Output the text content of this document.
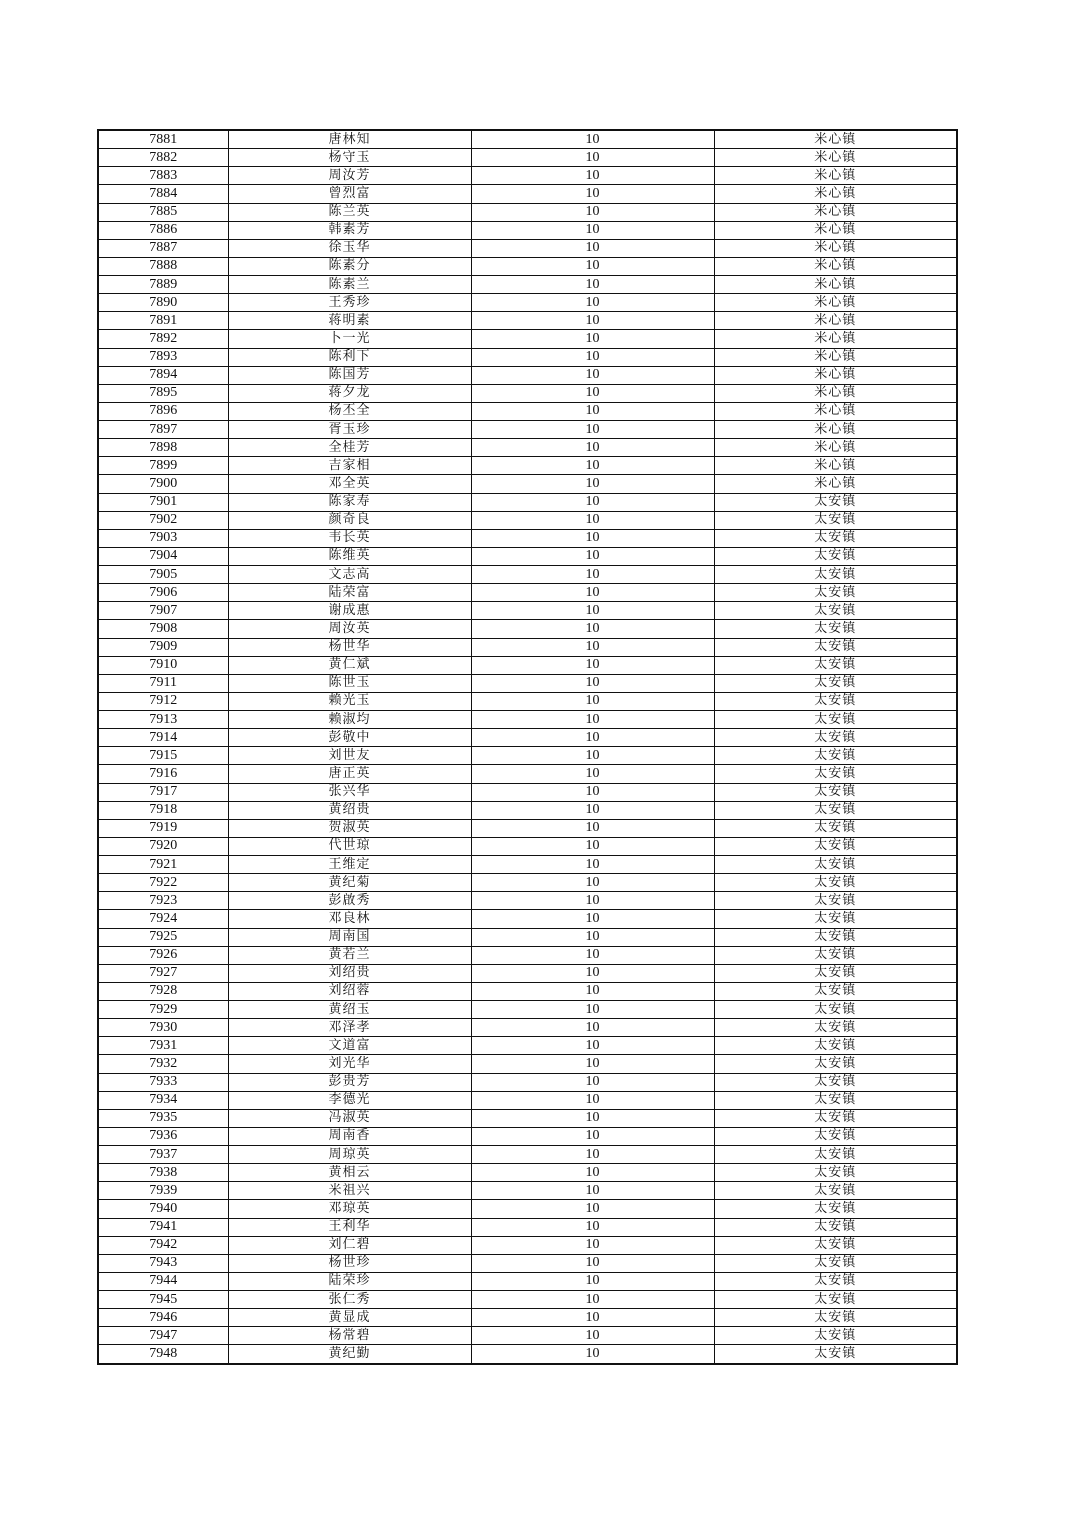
7881	唐林知	10	米心镇
7882	杨守玉	10	米心镇
7883	周汝芳	10	米心镇
7884	曾烈富	10	米心镇
7885	陈兰英	10	米心镇
7886	韩素芳	10	米心镇
7887	徐玉华	10	米心镇
7888	陈素分	10	米心镇
7889	陈素兰	10	米心镇
7890	王秀珍	10	米心镇
7891	蒋明素	10	米心镇
7892	卜一光	10	米心镇
7893	陈利下	10	米心镇
7894	陈国芳	10	米心镇
7895	蒋夕龙	10	米心镇
7896	杨丕全	10	米心镇
7897	胥玉珍	10	米心镇
7898	全桂芳	10	米心镇
7899	吉家相	10	米心镇
7900	邓全英	10	米心镇
7901	陈家寿	10	太安镇
7902	颜奇良	10	太安镇
7903	韦长英	10	太安镇
7904	陈维英	10	太安镇
7905	文志高	10	太安镇
7906	陆荣富	10	太安镇
7907	谢成惠	10	太安镇
7908	周汝英	10	太安镇
7909	杨世华	10	太安镇
7910	黄仁斌	10	太安镇
7911	陈世玉	10	太安镇
7912	赖光玉	10	太安镇
7913	赖淑均	10	太安镇
7914	彭敬中	10	太安镇
7915	刘世友	10	太安镇
7916	唐正英	10	太安镇
7917	张兴华	10	太安镇
7918	黄绍贵	10	太安镇
7919	贺淑英	10	太安镇
7920	代世琼	10	太安镇
7921	王维定	10	太安镇
7922	黄纪菊	10	太安镇
7923	彭啟秀	10	太安镇
7924	邓良林	10	太安镇
7925	周南国	10	太安镇
7926	黄若兰	10	太安镇
7927	刘绍贵	10	太安镇
7928	刘绍蓉	10	太安镇
7929	黄绍玉	10	太安镇
7930	邓泽孝	10	太安镇
7931	文道富	10	太安镇
7932	刘光华	10	太安镇
7933	彭贵芳	10	太安镇
7934	李德光	10	太安镇
7935	冯淑英	10	太安镇
7936	周南香	10	太安镇
7937	周琼英	10	太安镇
7938	黄相云	10	太安镇
7939	米祖兴	10	太安镇
7940	邓琼英	10	太安镇
7941	王利华	10	太安镇
7942	刘仁碧	10	太安镇
7943	杨世珍	10	太安镇
7944	陆荣珍	10	太安镇
7945	张仁秀	10	太安镇
7946	黄显成	10	太安镇
7947	杨常碧	10	太安镇
7948	黄纪勤	10	太安镇
